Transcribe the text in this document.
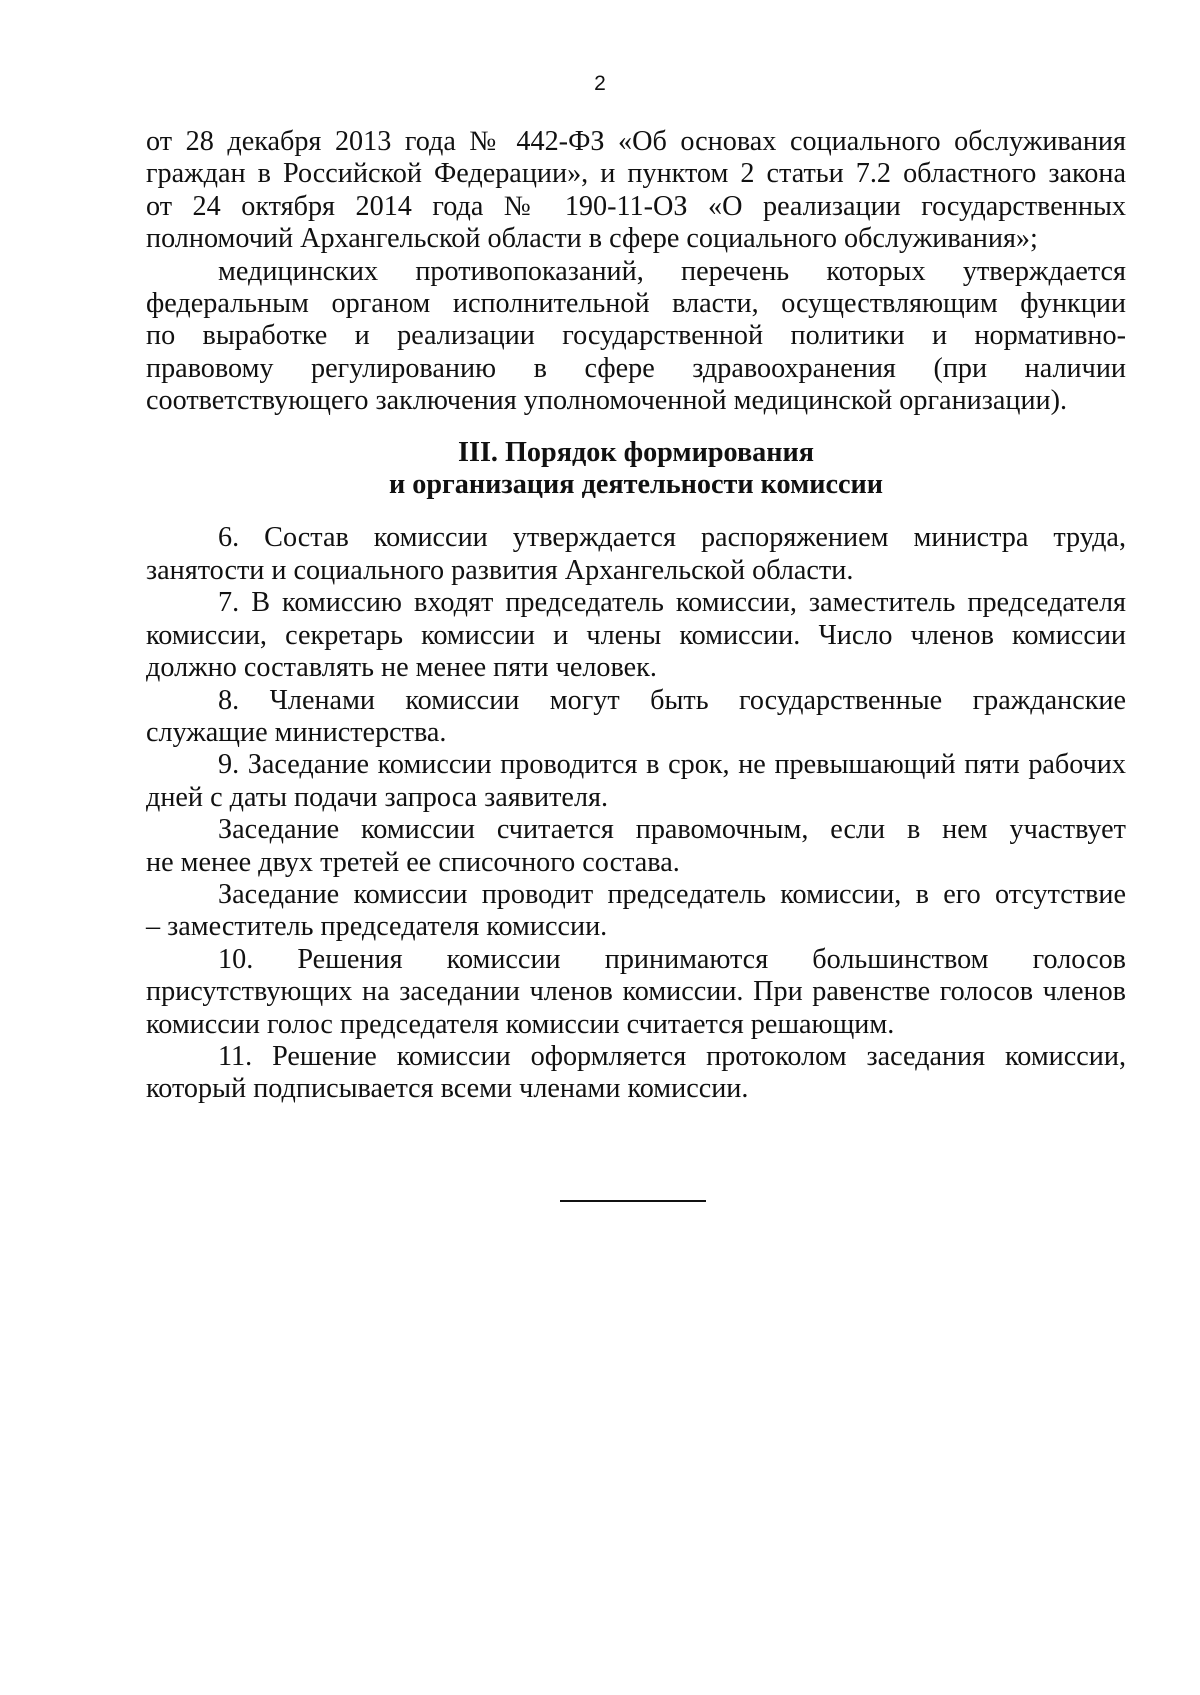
2
от 28 декабря 2013 года № 442-ФЗ «Об основах социального обслуживания
граждан в Российской Федерации», и пунктом 2 статьи 7.2 областного закона
от 24 октября 2014 года № 190-11-ОЗ «О реализации государственных
полномочий Архангельской области в сфере социального обслуживания»;
медицинских противопоказаний, перечень которых утверждается
федеральным органом исполнительной власти, осуществляющим функции
по выработке и реализации государственной политики и нормативно-
правовому регулированию в сфере здравоохранения (при наличии
соответствующего заключения уполномоченной медицинской организации).
III. Порядок формирования
и организация деятельности комиссии
6. Состав комиссии утверждается распоряжением министра труда,
занятости и социального развития Архангельской области.
7. В комиссию входят председатель комиссии, заместитель председателя
комиссии, секретарь комиссии и члены комиссии. Число членов комиссии
должно составлять не менее пяти человек.
8. Членами комиссии могут быть государственные гражданские
служащие министерства.
9. Заседание комиссии проводится в срок, не превышающий пяти рабочих
дней с даты подачи запроса заявителя.
Заседание комиссии считается правомочным, если в нем участвует
не менее двух третей ее списочного состава.
Заседание комиссии проводит председатель комиссии, в его отсутствие
– заместитель председателя комиссии.
10. Решения комиссии принимаются большинством голосов
присутствующих на заседании членов комиссии. При равенстве голосов членов
комиссии голос председателя комиссии считается решающим.
11. Решение комиссии оформляется протоколом заседания комиссии,
который подписывается всеми членами комиссии.
